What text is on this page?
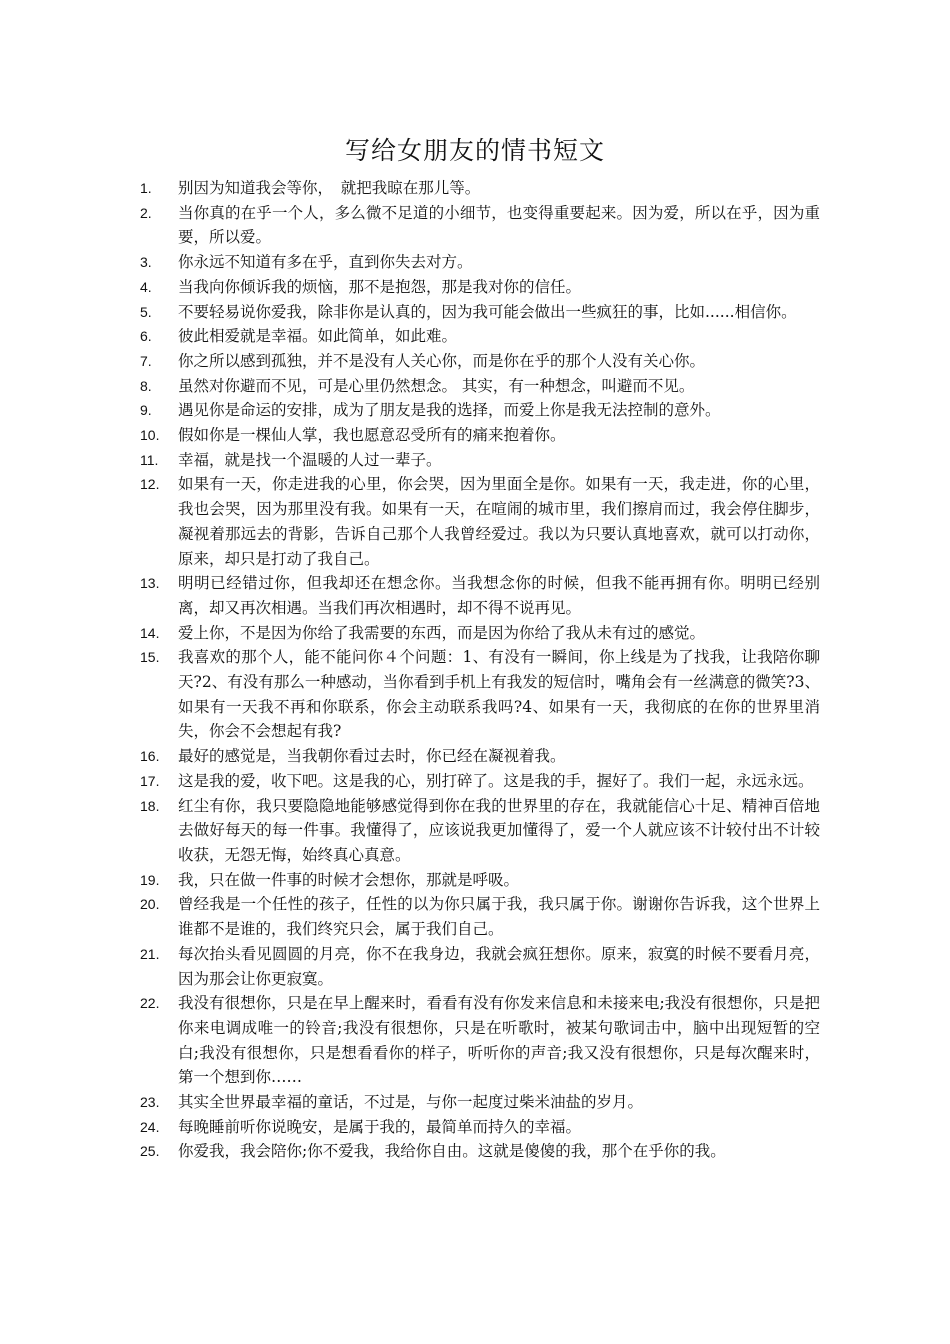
写给女朋友的情书短文
1. 别因为知道我会等你，　就把我晾在那儿等。
2. 当你真的在乎一个人，多么微不足道的小细节，也变得重要起来。因为爱，所以在乎，因为重要，所以爱。
3. 你永远不知道有多在乎，直到你失去对方。
4. 当我向你倾诉我的烦恼，那不是抱怨，那是我对你的信任。
5. 不要轻易说你爱我，除非你是认真的，因为我可能会做出一些疯狂的事，比如......相信你。
6. 彼此相爱就是幸福。如此简单，如此难。
7. 你之所以感到孤独，并不是没有人关心你，而是你在乎的那个人没有关心你。
8. 虽然对你避而不见，可是心里仍然想念。 其实，有一种想念，叫避而不见。
9. 遇见你是命运的安排，成为了朋友是我的选择，而爱上你是我无法控制的意外。
10. 假如你是一棵仙人掌，我也愿意忍受所有的痛来抱着你。
11. 幸福，就是找一个温暖的人过一辈子。
12. 如果有一天，你走进我的心里，你会哭，因为里面全是你。如果有一天，我走进，你的心里，我也会哭，因为那里没有我。如果有一天，在喧闹的城市里，我们擦肩而过，我会停住脚步，凝视着那远去的背影，告诉自己那个人我曾经爱过。我以为只要认真地喜欢，就可以打动你，原来，却只是打动了我自己。
13. 明明已经错过你，但我却还在想念你。当我想念你的时候，但我不能再拥有你。明明已经别离，却又再次相遇。当我们再次相遇时，却不得不说再见。
14. 爱上你，不是因为你给了我需要的东西，而是因为你给了我从未有过的感觉。
15. 我喜欢的那个人，能不能问你４个问题：1、有没有一瞬间，你上线是为了找我，让我陪你聊天?2、有没有那么一种感动，当你看到手机上有我发的短信时，嘴角会有一丝满意的微笑?3、如果有一天我不再和你联系，你会主动联系我吗?4、如果有一天，我彻底的在你的世界里消失，你会不会想起有我?
16. 最好的感觉是，当我朝你看过去时，你已经在凝视着我。
17. 这是我的爱，收下吧。这是我的心，别打碎了。这是我的手，握好了。我们一起，永远永远。
18. 红尘有你，我只要隐隐地能够感觉得到你在我的世界里的存在，我就能信心十足、精神百倍地去做好每天的每一件事。我懂得了，应该说我更加懂得了，爱一个人就应该不计较付出不计较收获，无怨无悔，始终真心真意。
19. 我，只在做一件事的时候才会想你，那就是呼吸。
20. 曾经我是一个任性的孩子，任性的以为你只属于我，我只属于你。谢谢你告诉我，这个世界上谁都不是谁的，我们终究只会，属于我们自己。
21. 每次抬头看见圆圆的月亮，你不在我身边，我就会疯狂想你。原来，寂寞的时候不要看月亮，因为那会让你更寂寞。
22. 我没有很想你，只是在早上醒来时，看看有没有你发来信息和未接来电;我没有很想你，只是把你来电调成唯一的铃音;我没有很想你，只是在听歌时，被某句歌词击中，脑中出现短暂的空白;我没有很想你，只是想看看你的样子，听听你的声音;我又没有很想你，只是每次醒来时，第一个想到你……
23. 其实全世界最幸福的童话，不过是，与你一起度过柴米油盐的岁月。
24. 每晚睡前听你说晚安，是属于我的，最简单而持久的幸福。
25. 你爱我，我会陪你;你不爱我，我给你自由。这就是傻傻的我，那个在乎你的我。
